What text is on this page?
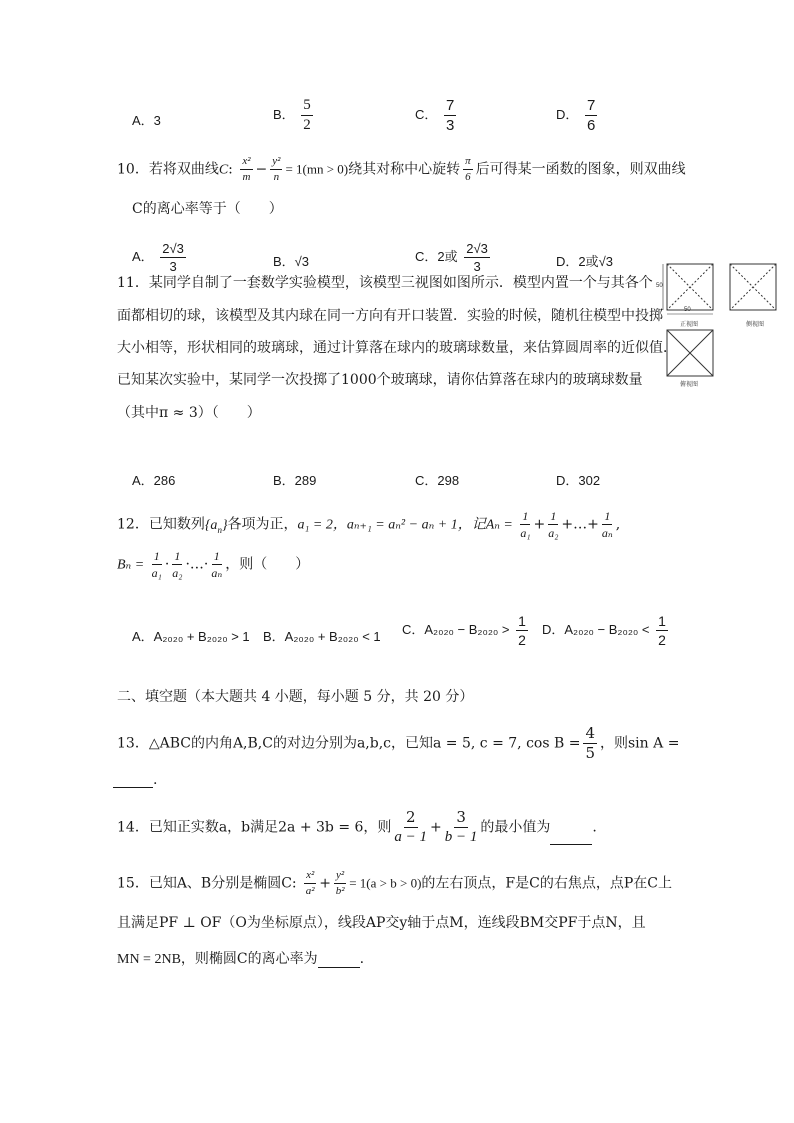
A．3	B． $\frac{5}{2}$	C． $\frac{7}{3}$	D． $\frac{7}{6}$
10．若将双曲线C: $\frac{\text{x²}}{m} - \frac{\text{y²}}{n} = 1(mn > 0)$绕其对称中心旋转 $\frac{\pi}{6}$ 后可得某一函数的图象，则双曲线
C的离心率等于（　　）
A． $\frac{2√3}{3}$	B．√3	C．2或 $\frac{2√3}{3}$	D．2或√3
50
50
正视图	侧视图
俯视图
11．某同学自制了一套数学实验模型，该模型三视图如图所示．模型内置一个与其各个
面都相切的球，该模型及其内球在同一方向有开口装置．实验的时候，随机往模型中投掷
大小相等，形状相同的玻璃球，通过计算落在球内的玻璃球数量，来估算圆周率的近似值．
已知某次实验中，某同学一次投掷了1000个玻璃球，请你估算落在球内的玻璃球数量
（其中π ≈ 3）（　　）
A．286	B．289	C．298	D．302
12．已知数列$\{a_n\}$各项为正，a₁ = 2，aₙ₊₁ = aₙ² − aₙ + 1，记$A_n = \frac{1}{\text{a₁}} + \frac{1}{\text{a₂}}$ +…+ $\frac{1}{\text{aₙ}}$ ,
$B_n = \frac{1}{\text{a₁}} \cdot \frac{1}{\text{a₂}}$ ·…· $\frac{1}{\text{aₙ}}$ ，则（　　）
A．A₂₀₂₀ + B₂₀₂₀ > 1 B．A₂₀₂₀ + B₂₀₂₀ < 1 C．$A_{2020} - B_{2020} > \frac{1}{2}$ D．$A_{2020} - B_{2020} < \frac{1}{2}$
二、填空题（本大题共 4 小题，每小题 5 分，共 20 分）
13．△ABC的内角A,B,C的对边分别为a,b,c，已知a = 5, c = 7, $\cos B = \frac{4}{5}$ ，则sin A =
.
14．已知正实数a，b满足2a + 3b = 6，则 $\frac{2}{a - 1} + \frac{3}{b - 1}$ 的最小值为	.
15．已知A、B分别是椭圆C: $\frac{\text{x²}}{\text{a²}} + \frac{\text{y²}}{\text{b²}} = 1(a > b > 0)$的左右顶点，F是C的右焦点，点P在C上
且满足PF ⊥ OF（O为坐标原点），线段AP交y轴于点M，连线段BM交PF于点N，且
MN = 2NB，则椭圆C的离心率为	.
